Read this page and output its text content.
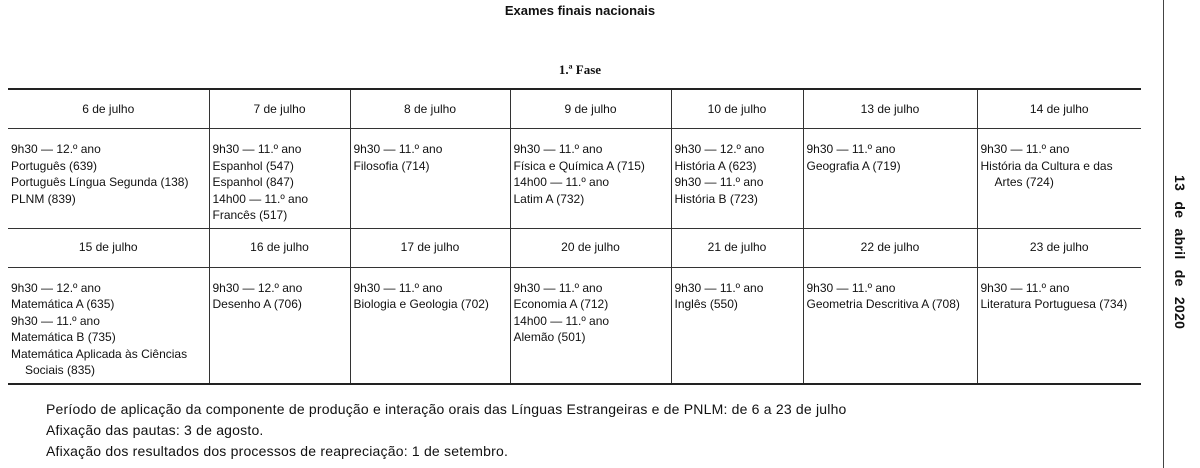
Exames finais nacionais
1.ª Fase
6 de julho	7 de julho	8 de julho	9 de julho	10 de julho	13 de julho	14 de julho

9h30 — 12.º ano
Português (639)
Português Língua Segunda (138)
PLNM (839)	9h30 — 11.º ano
Espanhol (547)
Espanhol (847)
14h00 — 11.º ano
Francês (517)	9h30 — 11.º ano
Filosofia (714)	9h30 — 11.º ano
Física e Química A (715)
14h00 — 11.º ano
Latim A (732)	9h30 — 12.º ano
História A (623)
9h30 — 11.º ano
História B (723)	9h30 — 11.º ano
Geografia A (719)	9h30 — 11.º ano
História da Cultura e das Artes (724)

15 de julho	16 de julho	17 de julho	20 de julho	21 de julho	22 de julho	23 de julho

9h30 — 12.º ano
Matemática A (635)
9h30 — 11.º ano
Matemática B (735)
Matemática Aplicada às Ciências Sociais (835)	9h30 — 12.º ano
Desenho A (706)	9h30 — 11.º ano
Biologia e Geologia (702)	9h30 — 11.º ano
Economia A (712)
14h00 — 11.º ano
Alemão (501)	9h30 — 11.º ano
Inglês (550)	9h30 — 11.º ano
Geometria Descritiva A (708)	9h30 — 11.º ano
Literatura Portuguesa (734)

Período de aplicação da componente de produção e interação orais das Línguas Estrangeiras e de PNLM: de 6 a 23 de julho

Afixação das pautas: 3 de agosto.

Afixação dos resultados dos processos de reapreciação: 1 de setembro.

13 de abril de 2020
